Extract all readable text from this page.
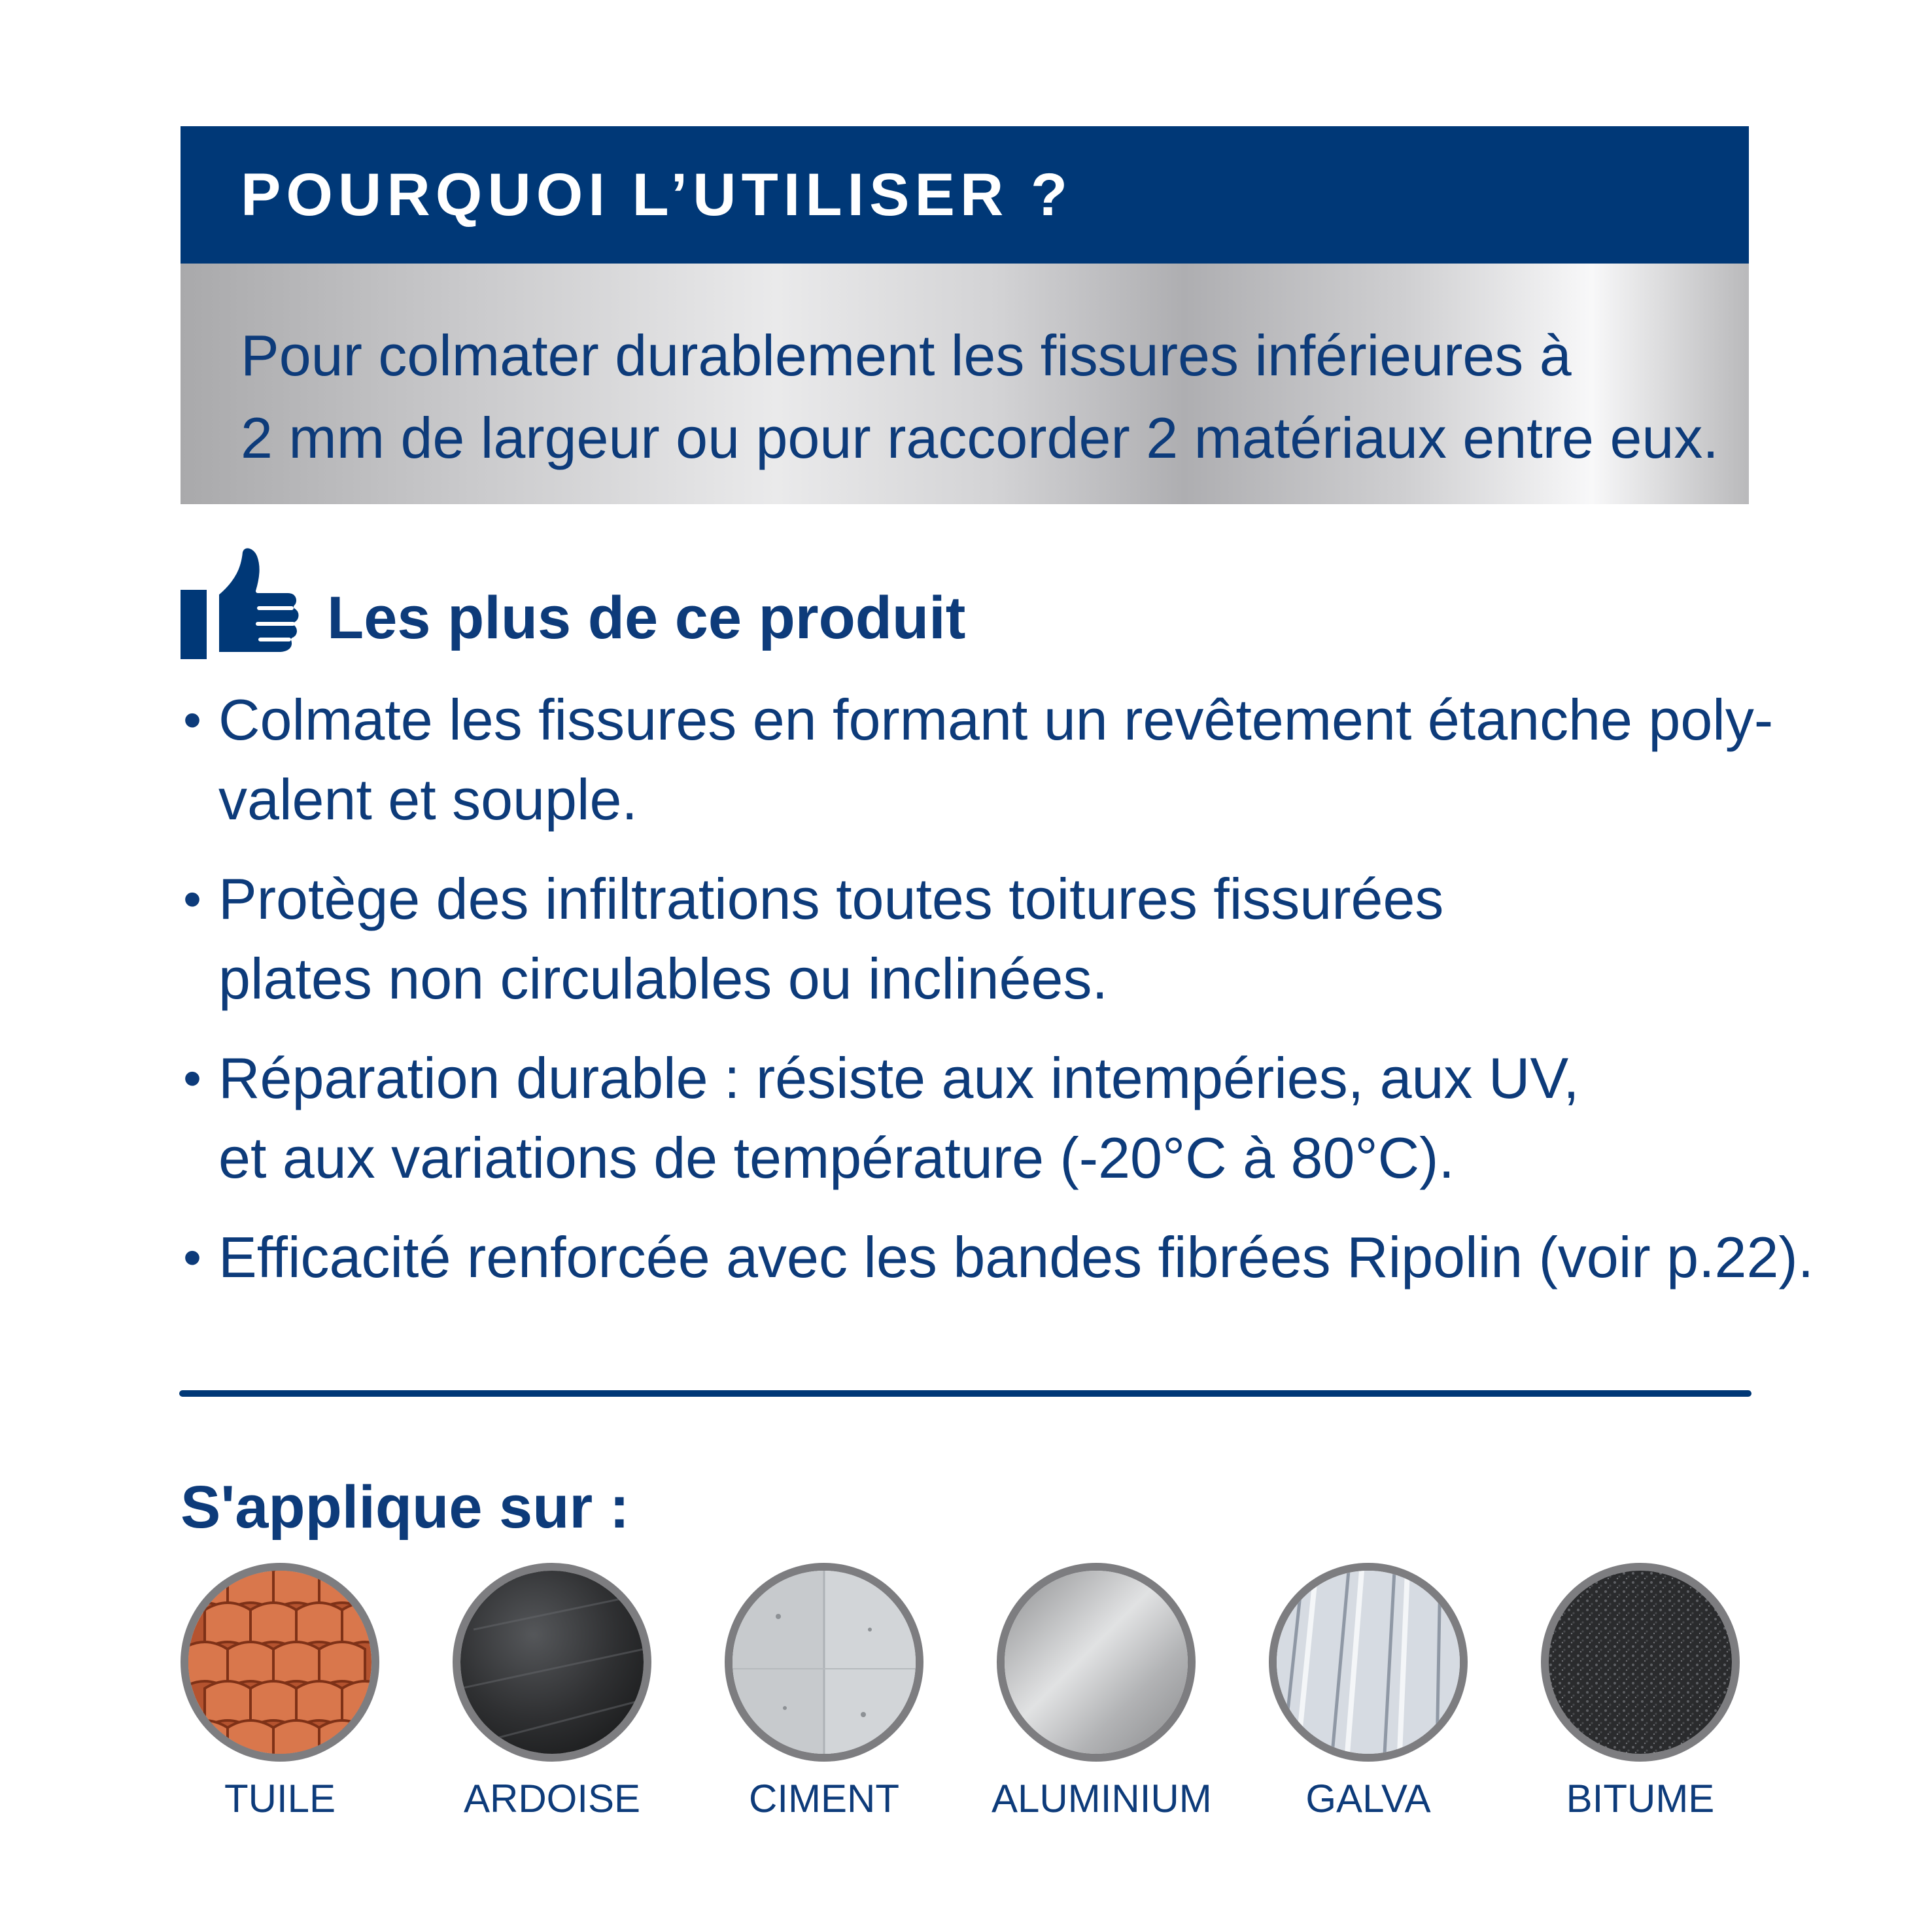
POURQUOI L’UTILISER ?

Pour colmater durablement les fissures inférieures à
2 mm de largeur ou pour raccorder 2 matériaux entre eux.

Les plus de ce produit
• Colmate les fissures en formant un revêtement étanche poly-
valent et souple.
• Protège des infiltrations toutes toitures fissurées
plates non circulables ou inclinées.
• Réparation durable : résiste aux intempéries, aux UV,
et aux variations de température (-20°C à 80°C).
• Efficacité renforcée avec les bandes fibrées Ripolin (voir p.22).
S'applique sur :
TUILE	ARDOISE	CIMENT	ALUMINIUM	GALVA	BITUME
